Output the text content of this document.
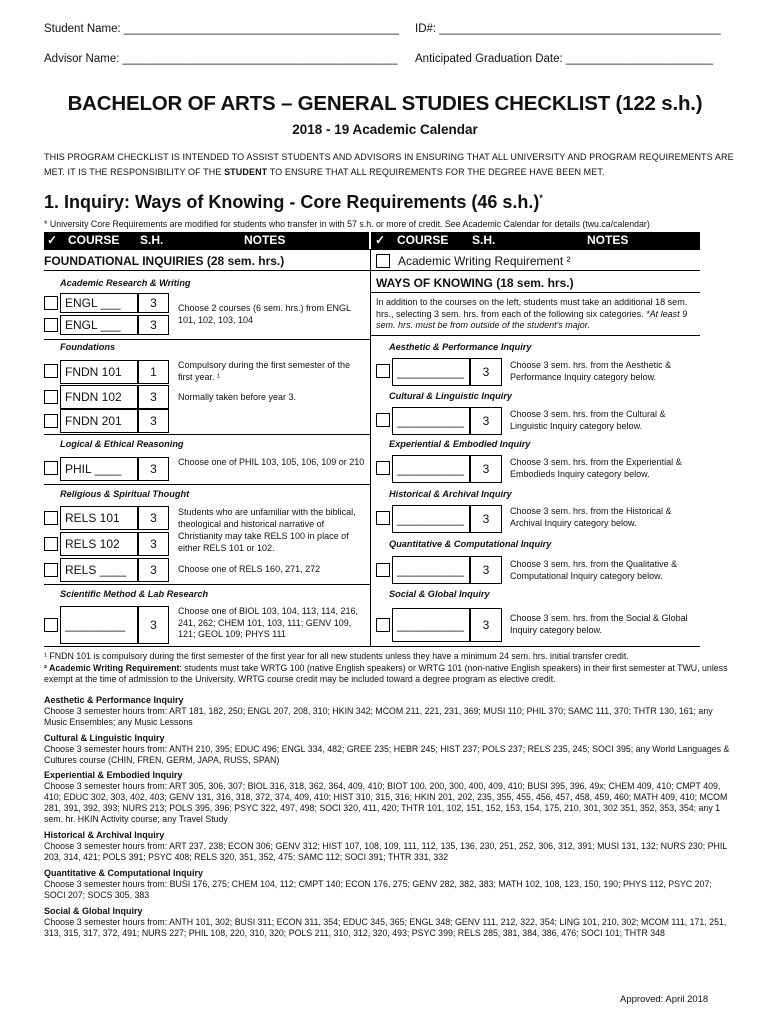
Student Name: ___________________________________________ ID#: ____________________________________________
Advisor Name: ___________________________________________ Anticipated Graduation Date: _______________________
BACHELOR OF ARTS – GENERAL STUDIES CHECKLIST (122 s.h.)
2018 - 19 Academic Calendar
THIS PROGRAM CHECKLIST IS INTENDED TO ASSIST STUDENTS AND ADVISORS IN ENSURING THAT ALL UNIVERSITY AND PROGRAM REQUIREMENTS ARE MET. IT IS THE RESPONSIBILITY OF THE STUDENT TO ENSURE THAT ALL REQUIREMENTS FOR THE DEGREE HAVE BEEN MET.
1. Inquiry: Ways of Knowing - Core Requirements (46 s.h.)*
* University Core Requirements are modified for students who transfer in with 57 s.h. or more of credit. See Academic Calendar for details (twu.ca/calendar)
✓ COURSE S.H.	NOTES	✓ COURSE S.H.	NOTES
FOUNDATIONAL INQUIRIES (28 sem. hrs.)
Academic Research & Writing
ENGL ___	3
ENGL ___	3
Choose 2 courses (6 sem. hrs.) from ENGL 101, 102, 103, 104
Foundations
FNDN 101	1	Compulsory during the first semester of the first year. ¹
FNDN 102	3	Normally taken before year 3.
FNDN 201	3
Logical & Ethical Reasoning
PHIL ____	3	Choose one of PHIL 103, 105, 106, 109 or 210
Religious & Spiritual Thought
RELS 101	3
RELS 102	3
Students who are unfamiliar with the biblical, theological and historical narrative of Christianity may take RELS 100 in place of either RELS 101 or 102.
RELS ____	3	Choose one of RELS 160, 271, 272
Scientific Method & Lab Research
_________	3
Choose one of BIOL 103, 104, 113, 114, 216, 241, 262; CHEM 101, 103, 111; GENV 109, 121; GEOL 109; PHYS 111
Academic Writing Requirement ²
WAYS OF KNOWING (18 sem. hrs.)
In addition to the courses on the left, students must take an additional 18 sem. hrs., selecting 3 sem. hrs. from each of the following six categories. *At least 9 sem. hrs. must be from outside of the student's major.
Aesthetic & Performance Inquiry
__________	3	Choose 3 sem. hrs. from the Aesthetic & Performance Inquiry category below.
Cultural & Linguistic Inquiry
__________	3	Choose 3 sem. hrs. from the Cultural & Linguistic Inquiry category below.
Experiential & Embodied Inquiry
__________	3	Choose 3 sem. hrs. from the Experiential & Embodieds Inquiry category below.
Historical & Archival Inquiry
__________	3
Choose 3 sem. hrs. from the Historical & Archival Inquiry category below.
Quantitative & Computational Inquiry
__________	3	Choose 3 sem. hrs. from the Qualitative & Computational Inquiry category below.
Social & Global Inquiry
__________	3	Choose 3 sem. hrs. from the Social & Global Inquiry category below.
¹ FNDN 101 is compulsory during the first semester of the first year for all new students unless they have a minimum 24 sem. hrs. initial transfer credit.
² Academic Writing Requirement: students must take WRTG 100 (native English speakers) or WRTG 101 (non-native English speakers) in their first semester at TWU, unless exempt at the time of admission to the University. WRTG course credit may be included toward a degree program as elective credit.
Aesthetic & Performance Inquiry
Choose 3 semester hours from: ART 181, 182, 250; ENGL 207, 208, 310; HKIN 342; MCOM 211, 221, 231, 369; MUSI 110; PHIL 370; SAMC 111, 370; THTR 130, 161; any Music Ensembles; any Music Lessons
Cultural & Linguistic Inquiry
Choose 3 semester hours from: ANTH 210, 395; EDUC 496; ENGL 334, 482; GREE 235; HEBR 245; HIST 237; POLS 237; RELS 235, 245; SOCI 395; any World Languages & Cultures course (CHIN, FREN, GERM, JAPA, RUSS, SPAN)
Experiential & Embodied Inquiry
Choose 3 semester hours from: ART 305, 306, 307; BIOL 316, 318, 362, 364, 409, 410; BIOT 100, 200, 300, 400, 409, 410; BUSI 395, 396, 49x; CHEM 409, 410; CMPT 409, 410; EDUC 302, 303, 402, 403; GENV 131, 316, 318, 372, 374, 409, 410; HIST 310, 315, 316; HKIN 201, 202, 235, 355, 455, 456, 457, 458, 459, 460; MATH 409, 410; MCOM 281, 391, 392, 393; NURS 213; POLS 395, 396; PSYC 322, 497, 498; SOCI 320, 411, 420; THTR 101, 102, 151, 152, 153, 154, 175, 210, 301, 302 351, 352, 353, 354; any 1 sem. hr. HKIN Activity course; any Travel Study
Historical & Archival Inquiry
Choose 3 semester hours from: ART 237, 238; ECON 306; GENV 312; HIST 107, 108, 109, 111, 112, 135, 136, 230, 251, 252, 306, 312, 391; MUSI 131, 132; NURS 230; PHIL 203, 314, 421; POLS 391; PSYC 408; RELS 320, 351, 352, 475; SAMC 112; SOCI 391; THTR 331, 332
Quantitative & Computational Inquiry
Choose 3 semester hours from: BUSI 176, 275; CHEM 104, 112; CMPT 140; ECON 176, 275; GENV 282, 382, 383; MATH 102, 108, 123, 150, 190; PHYS 112, PSYC 207; SOCI 207; SOCS 305, 383
Social & Global Inquiry
Choose 3 semester hours from: ANTH 101, 302; BUSI 311; ECON 311, 354; EDUC 345, 365; ENGL 348; GENV 111, 212, 322, 354; LING 101, 210, 302; MCOM 111, 171, 251, 313, 315, 317, 372, 491; NURS 227; PHIL 108, 220, 310, 320; POLS 211, 310, 312, 320, 493; PSYC 399; RELS 285, 381, 384, 386, 476; SOCI 101; THTR 348
Approved: April 2018
